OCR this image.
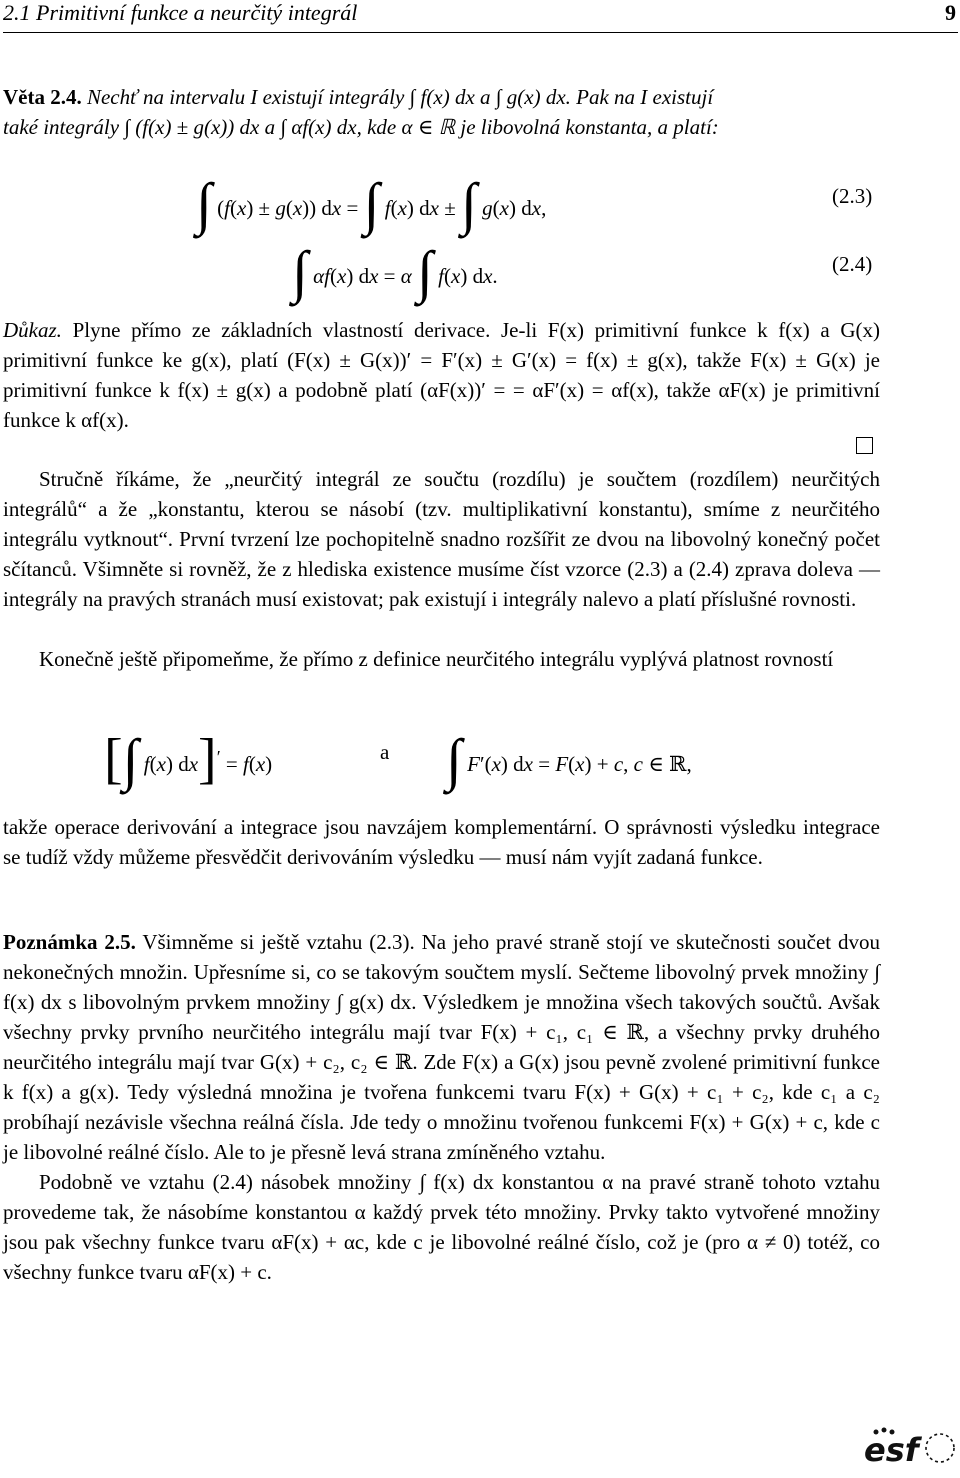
2.1 Primitivní funkce a neurčitý integrál	9

Věta 2.4. Nechť na intervalu I existují integrály ∫ f(x) dx a ∫ g(x) dx. Pak na I existují

také integrály ∫ (f(x) ± g(x)) dx a ∫ αf(x) dx, kde α ∈ ℝ je libovolná konstanta, a platí:

∫ (f(x) ± g(x)) dx = ∫ f(x) dx ± ∫ g(x) dx,	(2.3)
∫ αf(x) dx = α ∫ f(x) dx.	(2.4)

Důkaz. Plyne přímo ze základních vlastností derivace. Je-li F(x) primitivní funkce k f(x) a G(x) primitivní funkce ke g(x), platí (F(x) ± G(x))′ = F′(x) ± G′(x) = f(x) ± g(x), takže F(x) ± G(x) je primitivní funkce k f(x) ± g(x) a podobně platí (αF(x))′ = = αF′(x) = αf(x), takže αF(x) je primitivní funkce k αf(x).

Stručně říkáme, že „neurčitý integrál ze součtu (rozdílu) je součtem (rozdílem) neurčitých integrálů“ a že „konstantu, kterou se násobí (tzv. multiplikativní konstantu), smíme z neurčitého integrálu vytknout“. První tvrzení lze pochopitelně snadno rozšířit ze dvou na libovolný konečný počet sčítanců. Všimněte si rovněž, že z hlediska existence musíme číst vzorce (2.3) a (2.4) zprava doleva — integrály na pravých stranách musí existovat; pak existují i integrály nalevo a platí příslušné rovnosti.

Konečně ještě připomeňme, že přímo z definice neurčitého integrálu vyplývá platnost rovností

[∫ f(x) dx]′ = f(x)	a ∫ F′(x) dx = F(x) + c, c ∈ ℝ,

takže operace derivování a integrace jsou navzájem komplementární. O správnosti výsledku integrace se tudíž vždy můžeme přesvědčit derivováním výsledku — musí nám vyjít zadaná funkce.

Poznámka 2.5. Všimněme si ještě vztahu (2.3). Na jeho pravé straně stojí ve skutečnosti součet dvou nekonečných množin. Upřesníme si, co se takovým součtem myslí. Sečteme libovolný prvek množiny ∫ f(x) dx s libovolným prvkem množiny ∫ g(x) dx. Výsledkem je množina všech takových součtů. Avšak všechny prvky prvního neurčitého integrálu mají tvar F(x) + c₁, c₁ ∈ ℝ, a všechny prvky druhého neurčitého integrálu mají tvar G(x) + c₂, c₂ ∈ ℝ. Zde F(x) a G(x) jsou pevně zvolené primitivní funkce k f(x) a g(x). Tedy výsledná množina je tvořena funkcemi tvaru F(x) + G(x) + c₁ + c₂, kde c₁ a c₂ probíhají nezávisle všechna reálná čísla. Jde tedy o množinu tvořenou funkcemi F(x) + G(x) + c, kde c je libovolné reálné číslo. Ale to je přesně levá strana zmíněného vztahu.

Podobně ve vztahu (2.4) násobek množiny ∫ f(x) dx konstantou α na pravé straně tohoto vztahu provedeme tak, že násobíme konstantou α každý prvek této množiny. Prvky takto vytvořené množiny jsou pak všechny funkce tvaru αF(x) + αc, kde c je libovolné reálné číslo, což je (pro α ≠ 0) totéž, co všechny funkce tvaru αF(x) + c.

esf
